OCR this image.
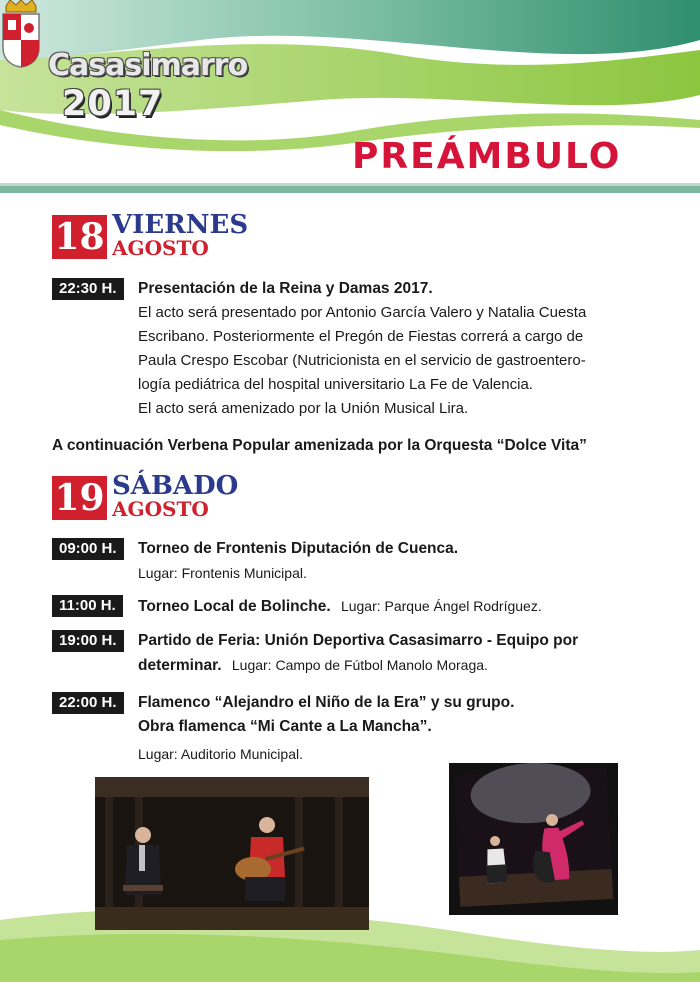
Casasimarro
2017
PREÁMBULO
18 VIERNES
AGOSTO
22:30 H.	Presentación de la Reina y Damas 2017.
El acto será presentado por Antonio García Valero y Natalia Cuesta
Escribano. Posteriormente el Pregón de Fiestas correrá a cargo de
Paula Crespo Escobar (Nutricionista en el servicio de gastroentero-
logía pediátrica del hospital universitario La Fe de Valencia.
El acto será amenizado por la Unión Musical Lira.
A continuación Verbena Popular amenizada por la Orquesta “Dolce Vita”
19 SÁBADO
AGOSTO
09:00 H.	Torneo de Frontenis Diputación de Cuenca.
Lugar: Frontenis Municipal.
11:00 H.	Torneo Local de Bolinche. Lugar: Parque Ángel Rodríguez.
19:00 H.	Partido de Feria: Unión Deportiva Casasimarro - Equipo por
determinar. Lugar: Campo de Fútbol Manolo Moraga.
22:00 H.	Flamenco “Alejandro el Niño de la Era” y su grupo.
Obra flamenca “Mi Cante a La Mancha”.
Lugar: Auditorio Municipal.
